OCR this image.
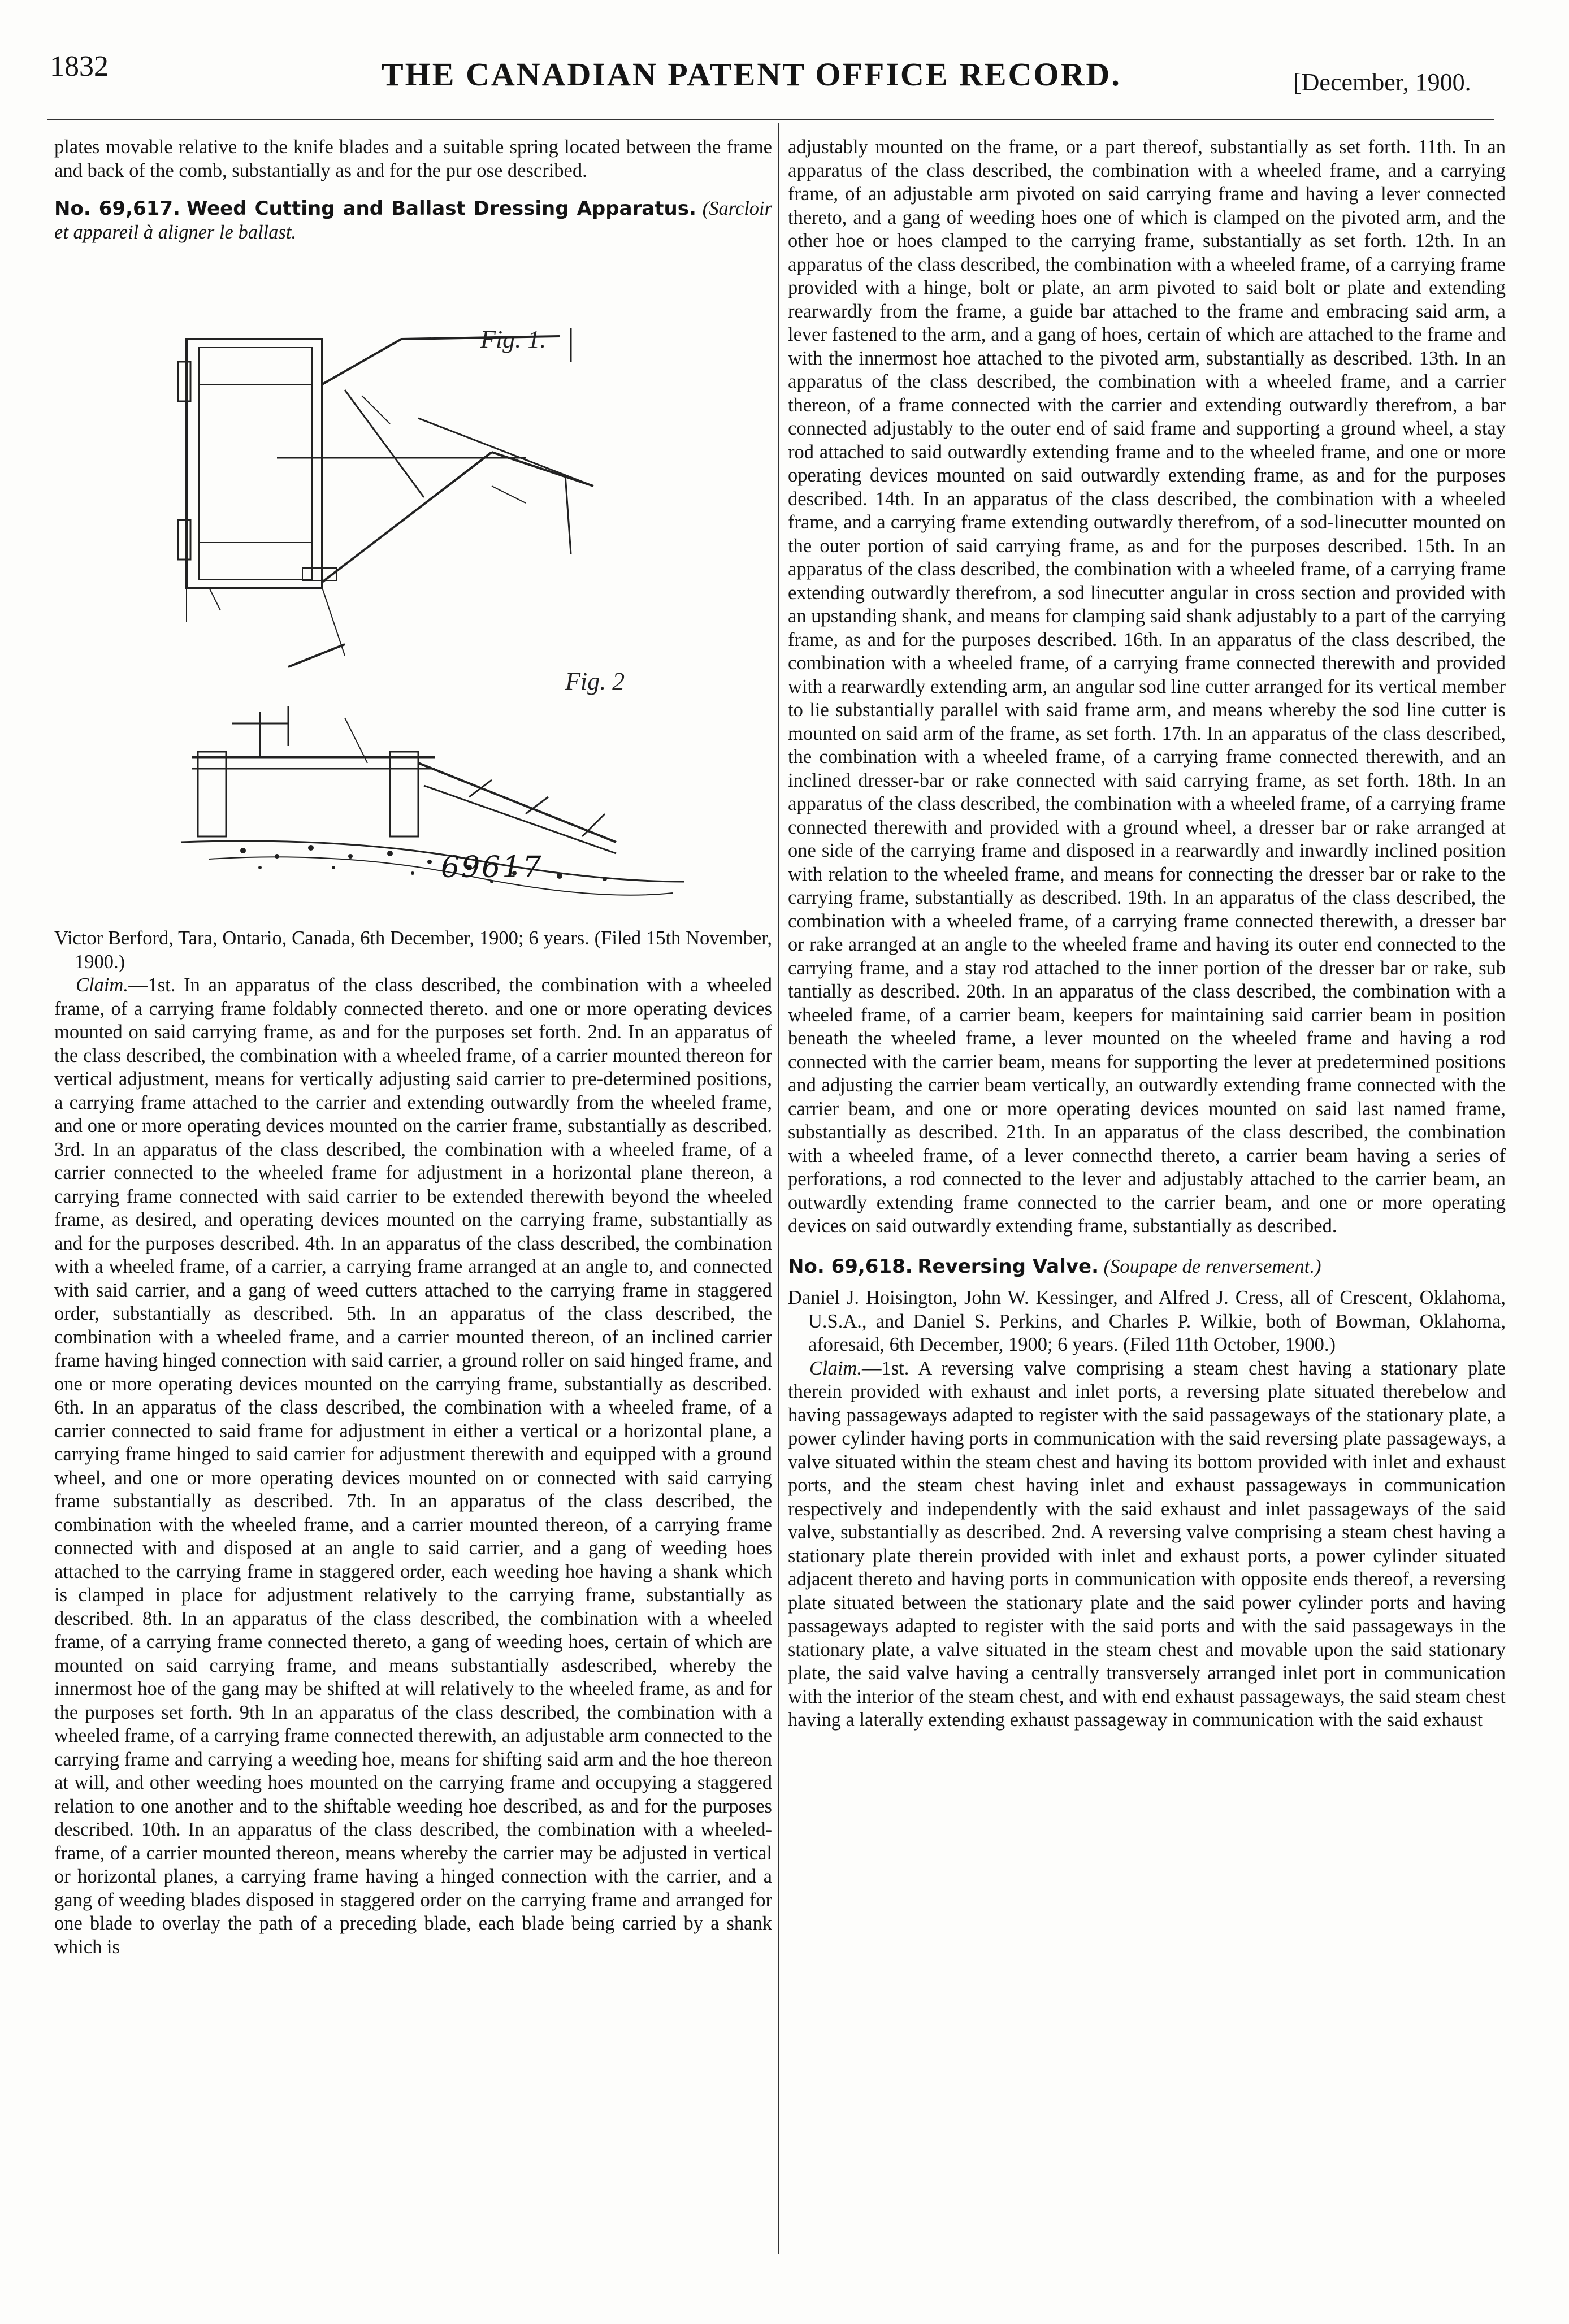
1832	THE CANADIAN PATENT OFFICE RECORD.	[December, 1900.

plates movable relative to the knife blades and a suitable spring located between the frame and back of the comb, substantially as and for the pur ose described.

No. 69,617. Weed Cutting and Ballast Dressing Apparatus. (Sarcloir et appareil à aligner le ballast.

Fig. 1.
Fig. 2
69617

Victor Berford, Tara, Ontario, Canada, 6th December, 1900; 6 years. (Filed 15th November, 1900.)

Claim.—1st. In an apparatus of the class described, the combination with a wheeled frame, of a carrying frame foldably connected thereto. and one or more operating devices mounted on said carrying frame, as and for the purposes set forth. 2nd. In an apparatus of the class described, the combination with a wheeled frame, of a carrier mounted thereon for vertical adjustment, means for vertically adjusting said carrier to pre-determined positions, a carrying frame attached to the carrier and extending outwardly from the wheeled frame, and one or more operating devices mounted on the carrier frame, substantially as described. 3rd. In an apparatus of the class described, the combination with a wheeled frame, of a carrier connected to the wheeled frame for adjustment in a horizontal plane thereon, a carrying frame connected with said carrier to be extended therewith beyond the wheeled frame, as desired, and operating devices mounted on the carrying frame, substantially as and for the purposes described. 4th. In an apparatus of the class described, the combination with a wheeled frame, of a carrier, a carrying frame arranged at an angle to, and connected with said carrier, and a gang of weed cutters attached to the carrying frame in staggered order, substantially as described. 5th. In an apparatus of the class described, the combination with a wheeled frame, and a carrier mounted thereon, of an inclined carrier frame having hinged connection with said carrier, a ground roller on said hinged frame, and one or more operating devices mounted on the carrying frame, substantially as described. 6th. In an apparatus of the class described, the combination with a wheeled frame, of a carrier connected to said frame for adjustment in either a vertical or a horizontal plane, a carrying frame hinged to said carrier for adjustment therewith and equipped with a ground wheel, and one or more operating devices mounted on or connected with said carrying frame substantially as described. 7th. In an apparatus of the class described, the combination with the wheeled frame, and a carrier mounted thereon, of a carrying frame connected with and disposed at an angle to said carrier, and a gang of weeding hoes attached to the carrying frame in staggered order, each weeding hoe having a shank which is clamped in place for adjustment relatively to the carrying frame, substantially as described. 8th. In an apparatus of the class described, the combination with a wheeled frame, of a carrying frame connected thereto, a gang of weeding hoes, certain of which are mounted on said carrying frame, and means substantially asdescribed, whereby the innermost hoe of the gang may be shifted at will relatively to the wheeled frame, as and for the purposes set forth. 9th In an apparatus of the class described, the combination with a wheeled frame, of a carrying frame connected therewith, an adjustable arm connected to the carrying frame and carrying a weeding hoe, means for shifting said arm and the hoe thereon at will, and other weeding hoes mounted on the carrying frame and occupying a staggered relation to one another and to the shiftable weeding hoe described, as and for the purposes described. 10th. In an apparatus of the class described, the combination with a wheeled-frame, of a carrier mounted thereon, means whereby the carrier may be adjusted in vertical or horizontal planes, a carrying frame having a hinged connection with the carrier, and a gang of weeding blades disposed in staggered order on the carrying frame and arranged for one blade to overlay the path of a preceding blade, each blade being carried by a shank which is

adjustably mounted on the frame, or a part thereof, substantially as set forth. 11th. In an apparatus of the class described, the combination with a wheeled frame, and a carrying frame, of an adjustable arm pivoted on said carrying frame and having a lever connected thereto, and a gang of weeding hoes one of which is clamped on the pivoted arm, and the other hoe or hoes clamped to the carrying frame, substantially as set forth. 12th. In an apparatus of the class described, the combination with a wheeled frame, of a carrying frame provided with a hinge, bolt or plate, an arm pivoted to said bolt or plate and extending rearwardly from the frame, a guide bar attached to the frame and embracing said arm, a lever fastened to the arm, and a gang of hoes, certain of which are attached to the frame and with the innermost hoe attached to the pivoted arm, substantially as described. 13th. In an apparatus of the class described, the combination with a wheeled frame, and a carrier thereon, of a frame connected with the carrier and extending outwardly therefrom, a bar connected adjustably to the outer end of said frame and supporting a ground wheel, a stay rod attached to said outwardly extending frame and to the wheeled frame, and one or more operating devices mounted on said outwardly extending frame, as and for the purposes described. 14th. In an apparatus of the class described, the combination with a wheeled frame, and a carrying frame extending outwardly therefrom, of a sod-linecutter mounted on the outer portion of said carrying frame, as and for the purposes described. 15th. In an apparatus of the class described, the combination with a wheeled frame, of a carrying frame extending outwardly therefrom, a sod linecutter angular in cross section and provided with an upstanding shank, and means for clamping said shank adjustably to a part of the carrying frame, as and for the purposes described. 16th. In an apparatus of the class described, the combination with a wheeled frame, of a carrying frame connected therewith and provided with a rearwardly extending arm, an angular sod line cutter arranged for its vertical member to lie substantially parallel with said frame arm, and means whereby the sod line cutter is mounted on said arm of the frame, as set forth. 17th. In an apparatus of the class described, the combination with a wheeled frame, of a carrying frame connected therewith, and an inclined dresser-bar or rake connected with said carrying frame, as set forth. 18th. In an apparatus of the class described, the combination with a wheeled frame, of a carrying frame connected therewith and provided with a ground wheel, a dresser bar or rake arranged at one side of the carrying frame and disposed in a rearwardly and inwardly inclined position with relation to the wheeled frame, and means for connecting the dresser bar or rake to the carrying frame, substantially as described. 19th. In an apparatus of the class described, the combination with a wheeled frame, of a carrying frame connected therewith, a dresser bar or rake arranged at an angle to the wheeled frame and having its outer end connected to the carrying frame, and a stay rod attached to the inner portion of the dresser bar or rake, sub tantially as described. 20th. In an apparatus of the class described, the combination with a wheeled frame, of a carrier beam, keepers for maintaining said carrier beam in position beneath the wheeled frame, a lever mounted on the wheeled frame and having a rod connected with the carrier beam, means for supporting the lever at predetermined positions and adjusting the carrier beam vertically, an outwardly extending frame connected with the carrier beam, and one or more operating devices mounted on said last named frame, substantially as described. 21th. In an apparatus of the class described, the combination with a wheeled frame, of a lever connecthd thereto, a carrier beam having a series of perforations, a rod connected to the lever and adjustably attached to the carrier beam, an outwardly extending frame connected to the carrier beam, and one or more operating devices on said outwardly extending frame, substantially as described.

No. 69,618. Reversing Valve. (Soupape de renversement.)

Daniel J. Hoisington, John W. Kessinger, and Alfred J. Cress, all of Crescent, Oklahoma, U.S.A., and Daniel S. Perkins, and Charles P. Wilkie, both of Bowman, Oklahoma, aforesaid, 6th December, 1900; 6 years. (Filed 11th October, 1900.)

Claim.—1st. A reversing valve comprising a steam chest having a stationary plate therein provided with exhaust and inlet ports, a reversing plate situated therebelow and having passageways adapted to register with the said passageways of the stationary plate, a power cylinder having ports in communication with the said reversing plate passageways, a valve situated within the steam chest and having its bottom provided with inlet and exhaust ports, and the steam chest having inlet and exhaust passageways in communication respectively and independently with the said exhaust and inlet passageways of the said valve, substantially as described. 2nd. A reversing valve comprising a steam chest having a stationary plate therein provided with inlet and exhaust ports, a power cylinder situated adjacent thereto and having ports in communication with opposite ends thereof, a reversing plate situated between the stationary plate and the said power cylinder ports and having passageways adapted to register with the said ports and with the said passageways in the stationary plate, a valve situated in the steam chest and movable upon the said stationary plate, the said valve having a centrally transversely arranged inlet port in communication with the interior of the steam chest, and with end exhaust passageways, the said steam chest having a laterally extending exhaust passageway in communication with the said exhaust
